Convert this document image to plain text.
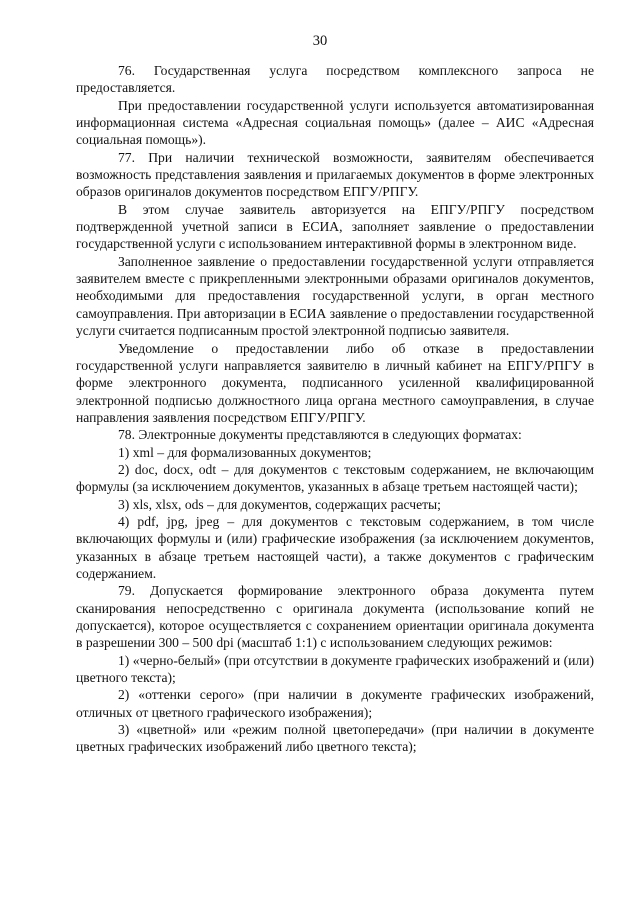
30

76. Государственная услуга посредством комплексного запроса не предоставляется.

При предоставлении государственной услуги используется автоматизированная информационная система «Адресная социальная помощь» (далее – АИС «Адресная социальная помощь»).

77. При наличии технической возможности, заявителям обеспечивается возможность представления заявления и прилагаемых документов в форме электронных образов оригиналов документов посредством ЕПГУ/РПГУ.

В этом случае заявитель авторизуется на ЕПГУ/РПГУ посредством подтвержденной учетной записи в ЕСИА, заполняет заявление о предоставлении государственной услуги с использованием интерактивной формы в электронном виде.

Заполненное заявление о предоставлении государственной услуги отправляется заявителем вместе с прикрепленными электронными образами оригиналов документов, необходимыми для предоставления государственной услуги, в орган местного самоуправления. При авторизации в ЕСИА заявление о предоставлении государственной услуги считается подписанным простой электронной подписью заявителя.

Уведомление о предоставлении либо об отказе в предоставлении государственной услуги направляется заявителю в личный кабинет на ЕПГУ/РПГУ в форме электронного документа, подписанного усиленной квалифицированной электронной подписью должностного лица органа местного самоуправления, в случае направления заявления посредством ЕПГУ/РПГУ.

78. Электронные документы представляются в следующих форматах:

1) xml – для формализованных документов;

2) doc, docx, odt – для документов с текстовым содержанием, не включающим формулы (за исключением документов, указанных в абзаце третьем настоящей части);

3) xls, xlsx, ods – для документов, содержащих расчеты;

4) pdf, jpg, jpeg – для документов с текстовым содержанием, в том числе включающих формулы и (или) графические изображения (за исключением документов, указанных в абзаце третьем настоящей части), а также документов с графическим содержанием.

79. Допускается формирование электронного образа документа путем сканирования непосредственно с оригинала документа (использование копий не допускается), которое осуществляется с сохранением ориентации оригинала документа в разрешении 300 – 500 dpi (масштаб 1:1) с использованием следующих режимов:

1) «черно-белый» (при отсутствии в документе графических изображений и (или) цветного текста);

2) «оттенки серого» (при наличии в документе графических изображений, отличных от цветного графического изображения);

3) «цветной» или «режим полной цветопередачи» (при наличии в документе цветных графических изображений либо цветного текста);
